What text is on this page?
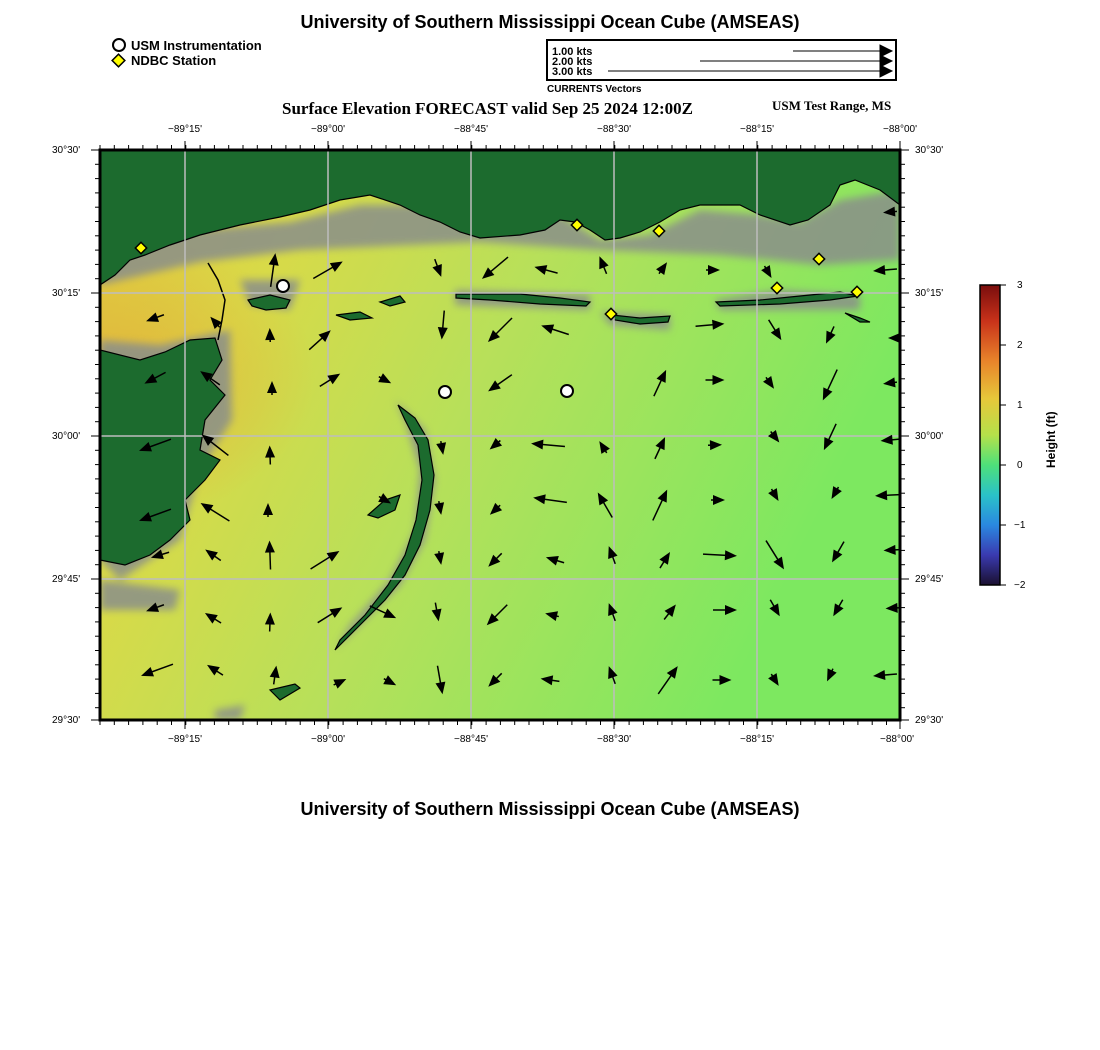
University of Southern Mississippi Ocean Cube (AMSEAS)
USM Instrumentation
NDBC Station
1.00 kts
2.00 kts
3.00 kts
CURRENTS Vectors
Surface Elevation FORECAST valid Sep 25 2024 12:00Z	USM Test Range, MS
−89°15'	−89°00'	−88°45'	−88°30'	−88°15'	−88°00'
−89°15'	−89°00'	−88°45'	−88°30'	−88°15'	−88°00'
30°30'
30°15'
30°00'
29°45'
29°30'
30°30'
30°15'
30°00'
29°45'
29°30'
3
2
1
0
−1
−2
Height (ft)
University of Southern Mississippi Ocean Cube (AMSEAS)
